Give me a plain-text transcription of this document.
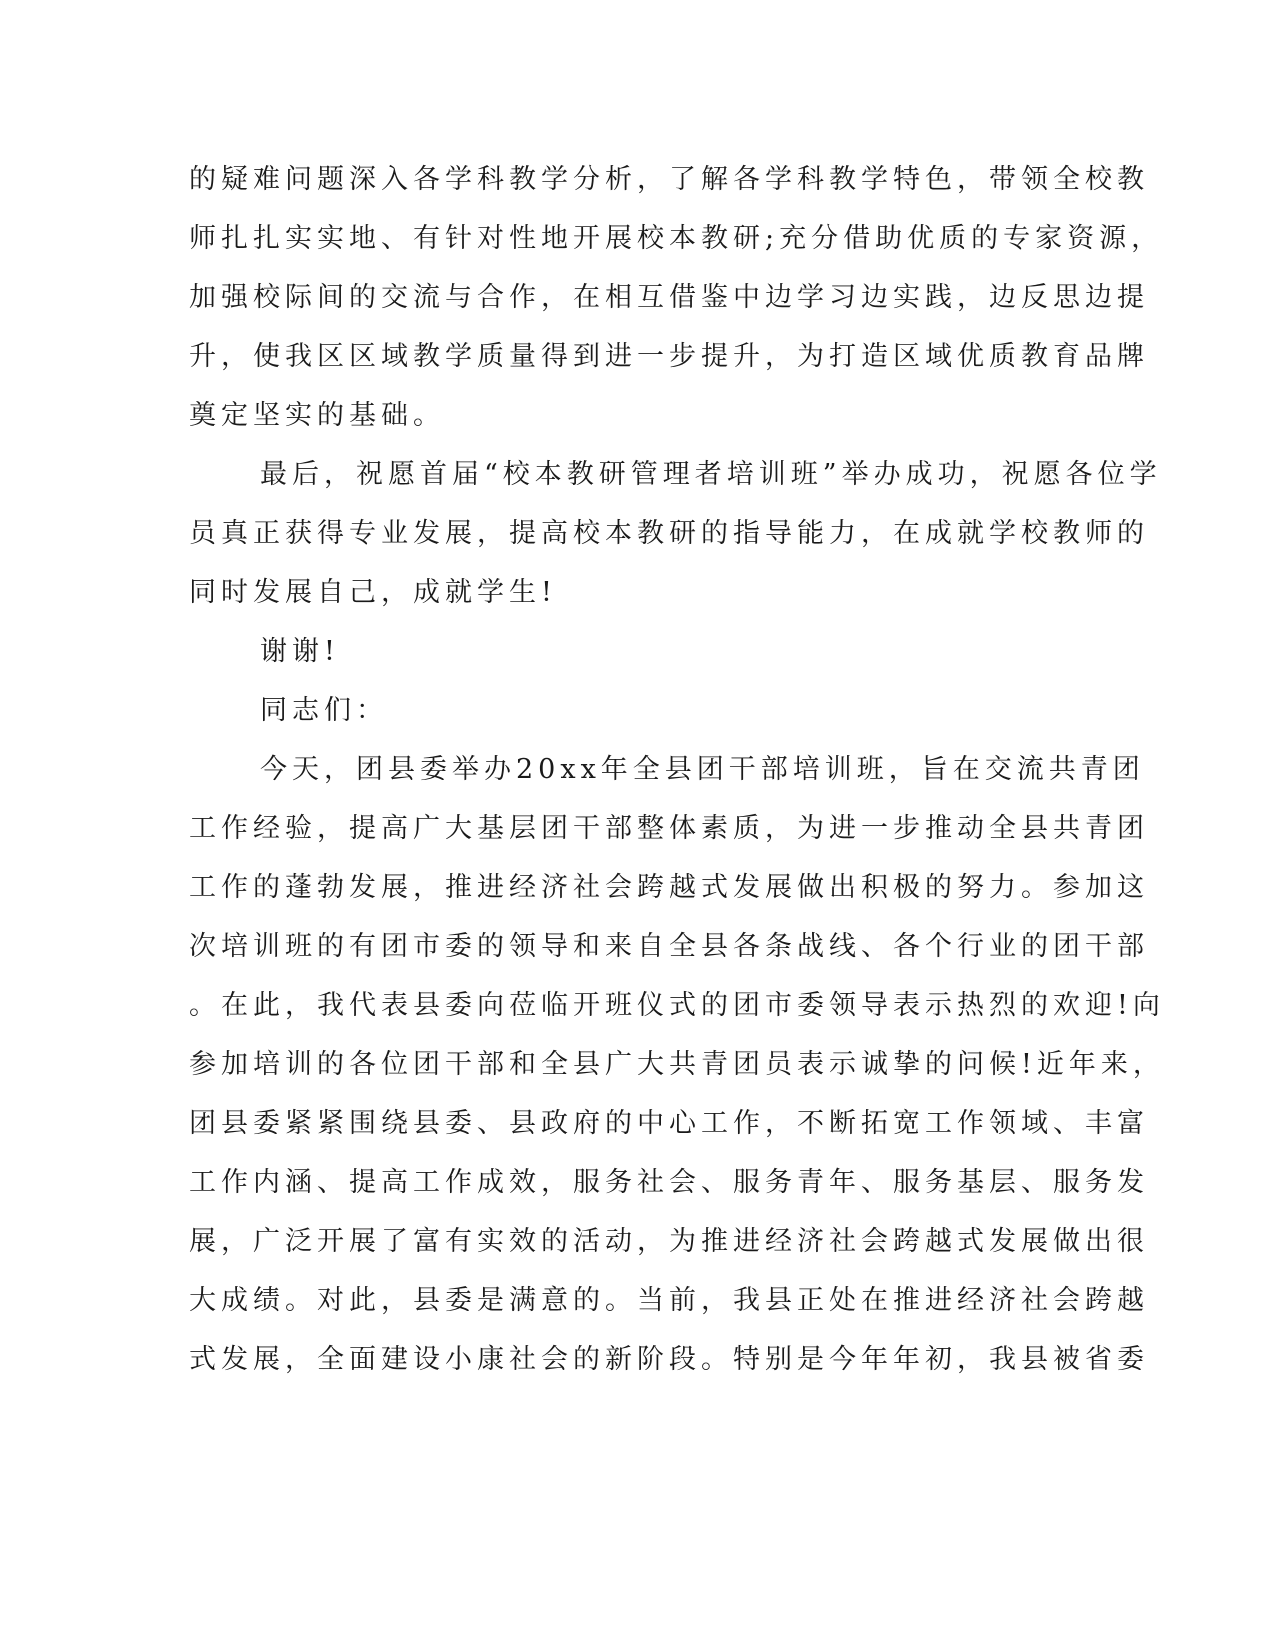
的疑难问题深入各学科教学分析，了解各学科教学特色，带领全校教
师扎扎实实地、有针对性地开展校本教研;充分借助优质的专家资源，
加强校际间的交流与合作，在相互借鉴中边学习边实践，边反思边提
升，使我区区域教学质量得到进一步提升，为打造区域优质教育品牌
奠定坚实的基础。
最后，祝愿首届“校本教研管理者培训班”举办成功，祝愿各位学
员真正获得专业发展，提高校本教研的指导能力，在成就学校教师的
同时发展自己，成就学生!
谢谢!
同志们：
今天，团县委举办20xx年全县团干部培训班，旨在交流共青团
工作经验，提高广大基层团干部整体素质，为进一步推动全县共青团
工作的蓬勃发展，推进经济社会跨越式发展做出积极的努力。参加这
次培训班的有团市委的领导和来自全县各条战线、各个行业的团干部
。在此，我代表县委向莅临开班仪式的团市委领导表示热烈的欢迎!向
参加培训的各位团干部和全县广大共青团员表示诚挚的问候!近年来，
团县委紧紧围绕县委、县政府的中心工作，不断拓宽工作领域、丰富
工作内涵、提高工作成效，服务社会、服务青年、服务基层、服务发
展，广泛开展了富有实效的活动，为推进经济社会跨越式发展做出很
大成绩。对此，县委是满意的。当前，我县正处在推进经济社会跨越
式发展，全面建设小康社会的新阶段。特别是今年年初，我县被省委
